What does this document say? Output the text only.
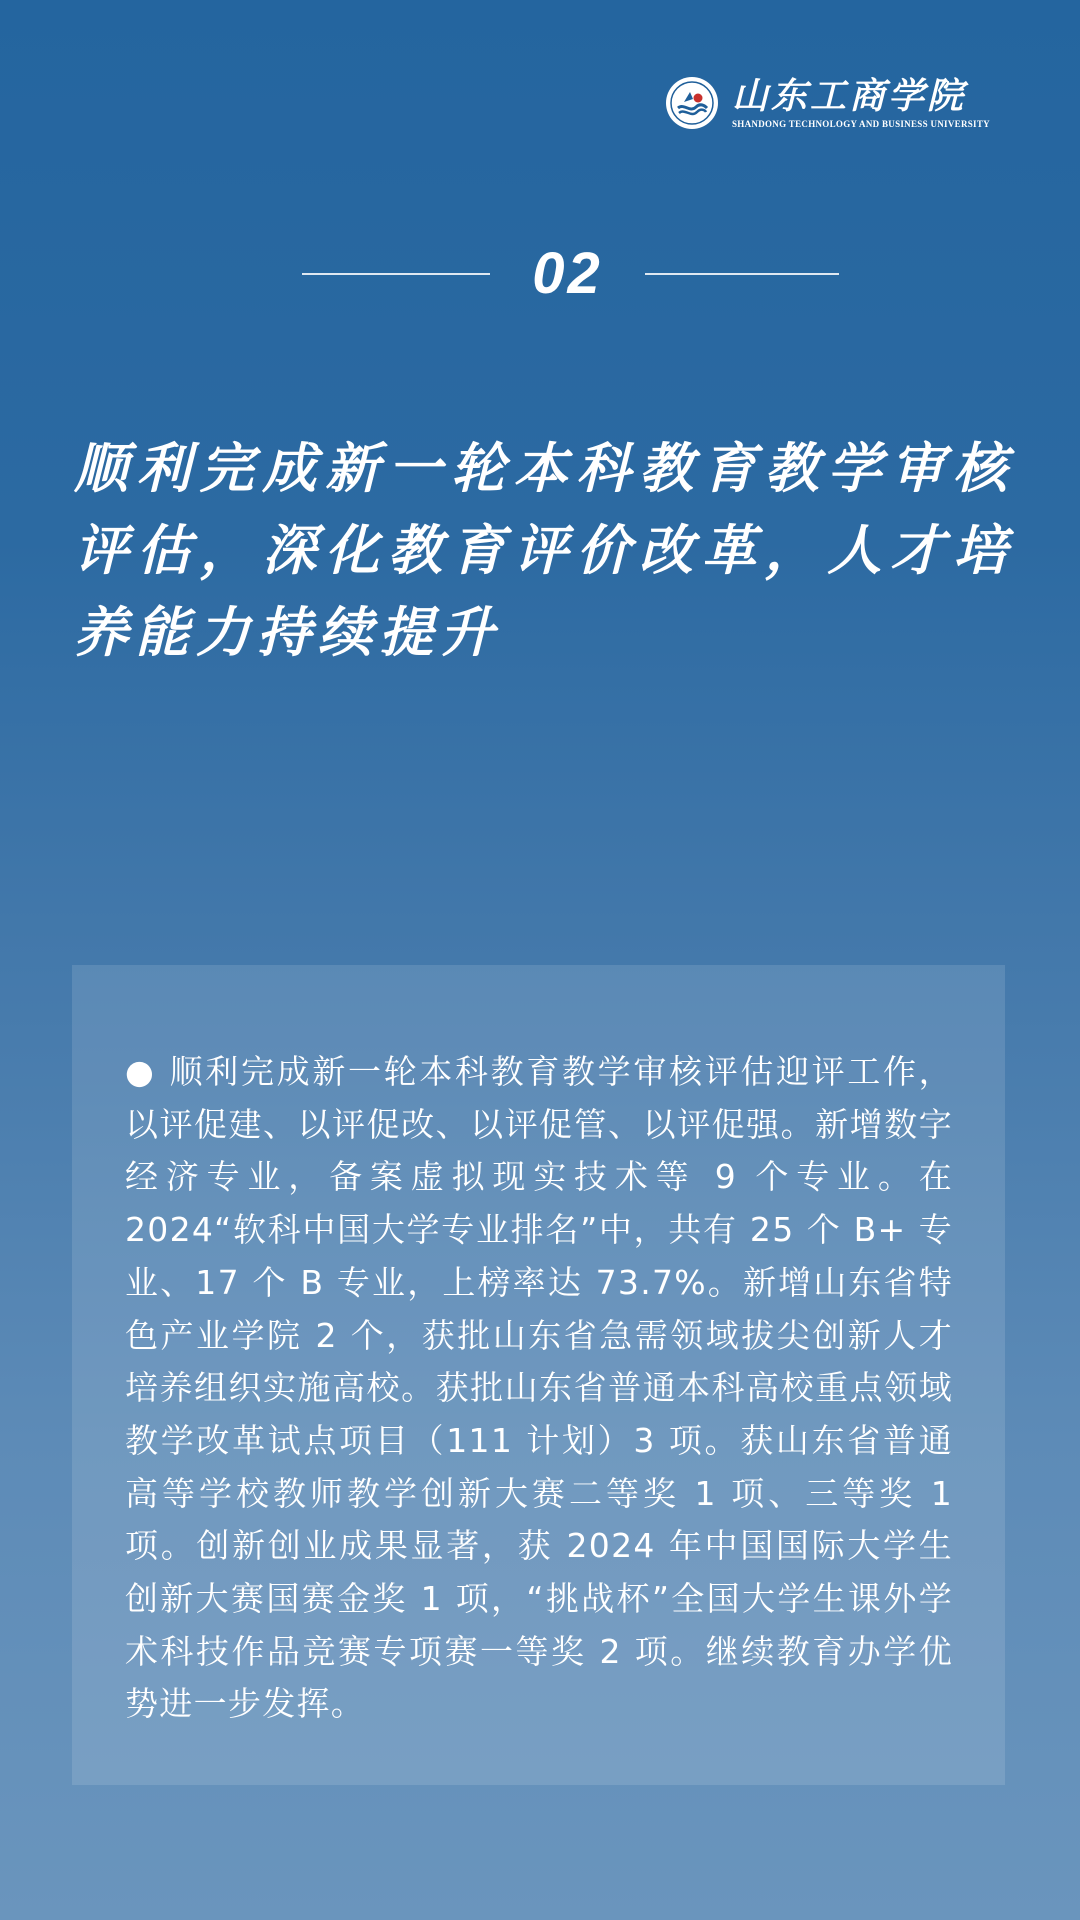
山东工商学院
SHANDONG TECHNOLOGY AND BUSINESS UNIVERSITY
02
顺利完成新一轮本科教育教学审核评估，深化教育评价改革，人才培养能力持续提升

● 顺利完成新一轮本科教育教学审核评估迎评工作，以评促建、以评促改、以评促管、以评促强。新增数字经济专业，备案虚拟现实技术等 9 个专业。在 2024“软科中国大学专业排名”中，共有 25 个 B+ 专业、17 个 B 专业，上榜率达 73.7%。新增山东省特色产业学院 2 个，获批山东省急需领域拔尖创新人才培养组织实施高校。获批山东省普通本科高校重点领域教学改革试点项目（111 计划）3 项。获山东省普通高等学校教师教学创新大赛二等奖 1 项、三等奖 1 项。创新创业成果显著，获 2024 年中国国际大学生创新大赛国赛金奖 1 项，“挑战杯”全国大学生课外学术科技作品竞赛专项赛一等奖 2 项。继续教育办学优势进一步发挥。
